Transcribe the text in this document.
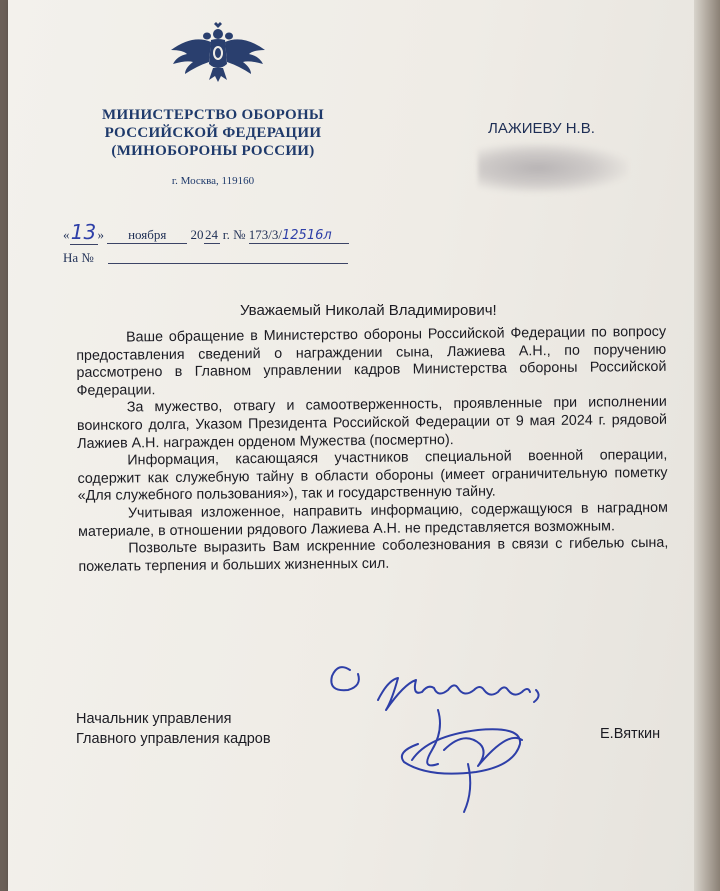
МИНИСТЕРСТВО ОБОРОНЫ
РОССИЙСКОЙ ФЕДЕРАЦИИ
(МИНОБОРОНЫ РОССИИ)
г. Москва, 119160
ЛАЖИЕВУ Н.В.
«13» ноября 20 24 г. № 173/3/12516л
На №
Уважаемый Николай Владимирович!

Ваше обращение в Министерство обороны Российской Федерации по вопросу предоставления сведений о награждении сына, Лажиева А.Н., по поручению рассмотрено в Главном управлении кадров Министерства обороны Российской Федерации.

За мужество, отвагу и самоотверженность, проявленные при исполнении воинского долга, Указом Президента Российской Федерации от 9 мая 2024 г. рядовой Лажиев А.Н. награжден орденом Мужества (посмертно).

Информация, касающаяся участников специальной военной операции, содержит как служебную тайну в области обороны (имеет ограничительную пометку «Для служебного пользования»), так и государственную тайну.

Учитывая изложенное, направить информацию, содержащуюся в наградном материале, в отношении рядового Лажиева А.Н. не представляется возможным.

Позвольте выразить Вам искренние соболезнования в связи с гибелью сына, пожелать терпения и больших жизненных сил.

Начальник управления
Главного управления кадров	Е.Вяткин
